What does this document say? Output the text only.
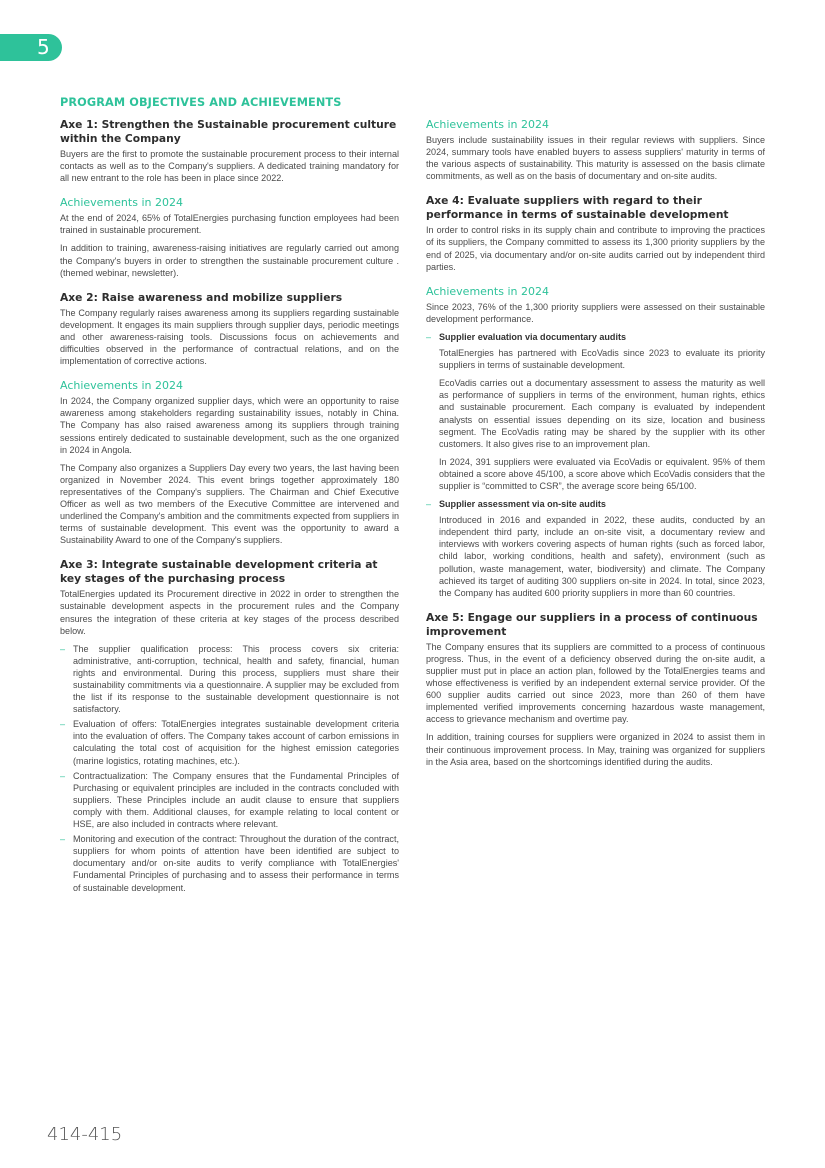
5
PROGRAM OBJECTIVES AND ACHIEVEMENTS
Axe 1: Strengthen the Sustainable procurement culture within the Company

Buyers are the first to promote the sustainable procurement process to their internal contacts as well as to the Company's suppliers. A dedicated training mandatory for all new entrant to the role has been in place since 2022.

Achievements in 2024

At the end of 2024, 65% of TotalEnergies purchasing function employees had been trained in sustainable procurement.

In addition to training, awareness-raising initiatives are regularly carried out among the Company's buyers in order to strengthen the sustainable procurement culture .(themed webinar, newsletter).

Axe 2: Raise awareness and mobilize suppliers

The Company regularly raises awareness among its suppliers regarding sustainable development. It engages its main suppliers through supplier days, periodic meetings and other awareness-raising tools. Discussions focus on achievements and difficulties observed in the performance of contractual relations, and on the implementation of corrective actions.

Achievements in 2024

In 2024, the Company organized supplier days, which were an opportunity to raise awareness among stakeholders regarding sustainability issues, notably in China. The Company has also raised awareness among its suppliers through training sessions entirely dedicated to sustainable development, such as the one organized in 2024 in Angola.

The Company also organizes a Suppliers Day every two years, the last having been organized in November 2024. This event brings together approximately 180 representatives of the Company's suppliers. The Chairman and Chief Executive Officer as well as two members of the Executive Committee are intervened and underlined the Company's ambition and the commitments expected from suppliers in terms of sustainable development. This event was the opportunity to award a Sustainability Award to one of the Company's suppliers.

Axe 3: Integrate sustainable development criteria at key stages of the purchasing process

TotalEnergies updated its Procurement directive in 2022 in order to strengthen the sustainable development aspects in the procurement rules and the Company ensures the integration of these criteria at key stages of the process described below.

– The supplier qualification process: This process covers six criteria: administrative, anti-corruption, technical, health and safety, financial, human rights and environmental. During this process, suppliers must share their sustainability commitments via a questionnaire. A supplier may be excluded from the list if its response to the sustainable development questionnaire is not satisfactory.
– Evaluation of offers: TotalEnergies integrates sustainable development criteria into the evaluation of offers. The Company takes account of carbon emissions in calculating the total cost of acquisition for the highest emission categories (marine logistics, rotating machines, etc.).
– Contractualization: The Company ensures that the Fundamental Principles of Purchasing or equivalent principles are included in the contracts concluded with suppliers. These Principles include an audit clause to ensure that suppliers comply with them. Additional clauses, for example relating to local content or HSE, are also included in contracts where relevant.
– Monitoring and execution of the contract: Throughout the duration of the contract, suppliers for whom points of attention have been identified are subject to documentary and/or on-site audits to verify compliance with TotalEnergies' Fundamental Principles of purchasing and to assess their performance in terms of sustainable development.
Achievements in 2024

Buyers include sustainability issues in their regular reviews with suppliers. Since 2024, summary tools have enabled buyers to assess suppliers' maturity in terms of the various aspects of sustainability. This maturity is assessed on the basis climate commitments, as well as on the basis of documentary and on-site audits.

Axe 4: Evaluate suppliers with regard to their performance in terms of sustainable development

In order to control risks in its supply chain and contribute to improving the practices of its suppliers, the Company committed to assess its 1,300 priority suppliers by the end of 2025, via documentary and/or on-site audits carried out by independent third parties.

Achievements in 2024

Since 2023, 76% of the 1,300 priority suppliers were assessed on their sustainable development performance.

– Supplier evaluation via documentary audits

TotalEnergies has partnered with EcoVadis since 2023 to evaluate its priority suppliers in terms of sustainable development.

EcoVadis carries out a documentary assessment to assess the maturity as well as performance of suppliers in terms of the environment, human rights, ethics and sustainable procurement. Each company is evaluated by independent analysts on essential issues depending on its size, location and business segment. The EcoVadis rating may be shared by the supplier with its other customers. It also gives rise to an improvement plan.

In 2024, 391 suppliers were evaluated via EcoVadis or equivalent. 95% of them obtained a score above 45/100, a score above which EcoVadis considers that the supplier is “committed to CSR”, the average score being 65/100.

– Supplier assessment via on-site audits

Introduced in 2016 and expanded in 2022, these audits, conducted by an independent third party, include an on-site visit, a documentary review and interviews with workers covering aspects of human rights (such as forced labor, child labor, working conditions, health and safety), environment (such as pollution, waste management, water, biodiversity) and climate. The Company achieved its target of auditing 300 suppliers on-site in 2024. In total, since 2023, the Company has audited 600 priority suppliers in more than 60 countries.

Axe 5: Engage our suppliers in a process of continuous improvement

The Company ensures that its suppliers are committed to a process of continuous progress. Thus, in the event of a deficiency observed during the on-site audit, a supplier must put in place an action plan, followed by the TotalEnergies teams and whose effectiveness is verified by an independent external service provider. Of the 600 supplier audits carried out since 2023, more than 260 of them have implemented verified improvements concerning hazardous waste management, access to grievance mechanism and overtime pay.

In addition, training courses for suppliers were organized in 2024 to assist them in their continuous improvement process. In May, training was organized for suppliers in the Asia area, based on the shortcomings identified during the audits.

414-415
